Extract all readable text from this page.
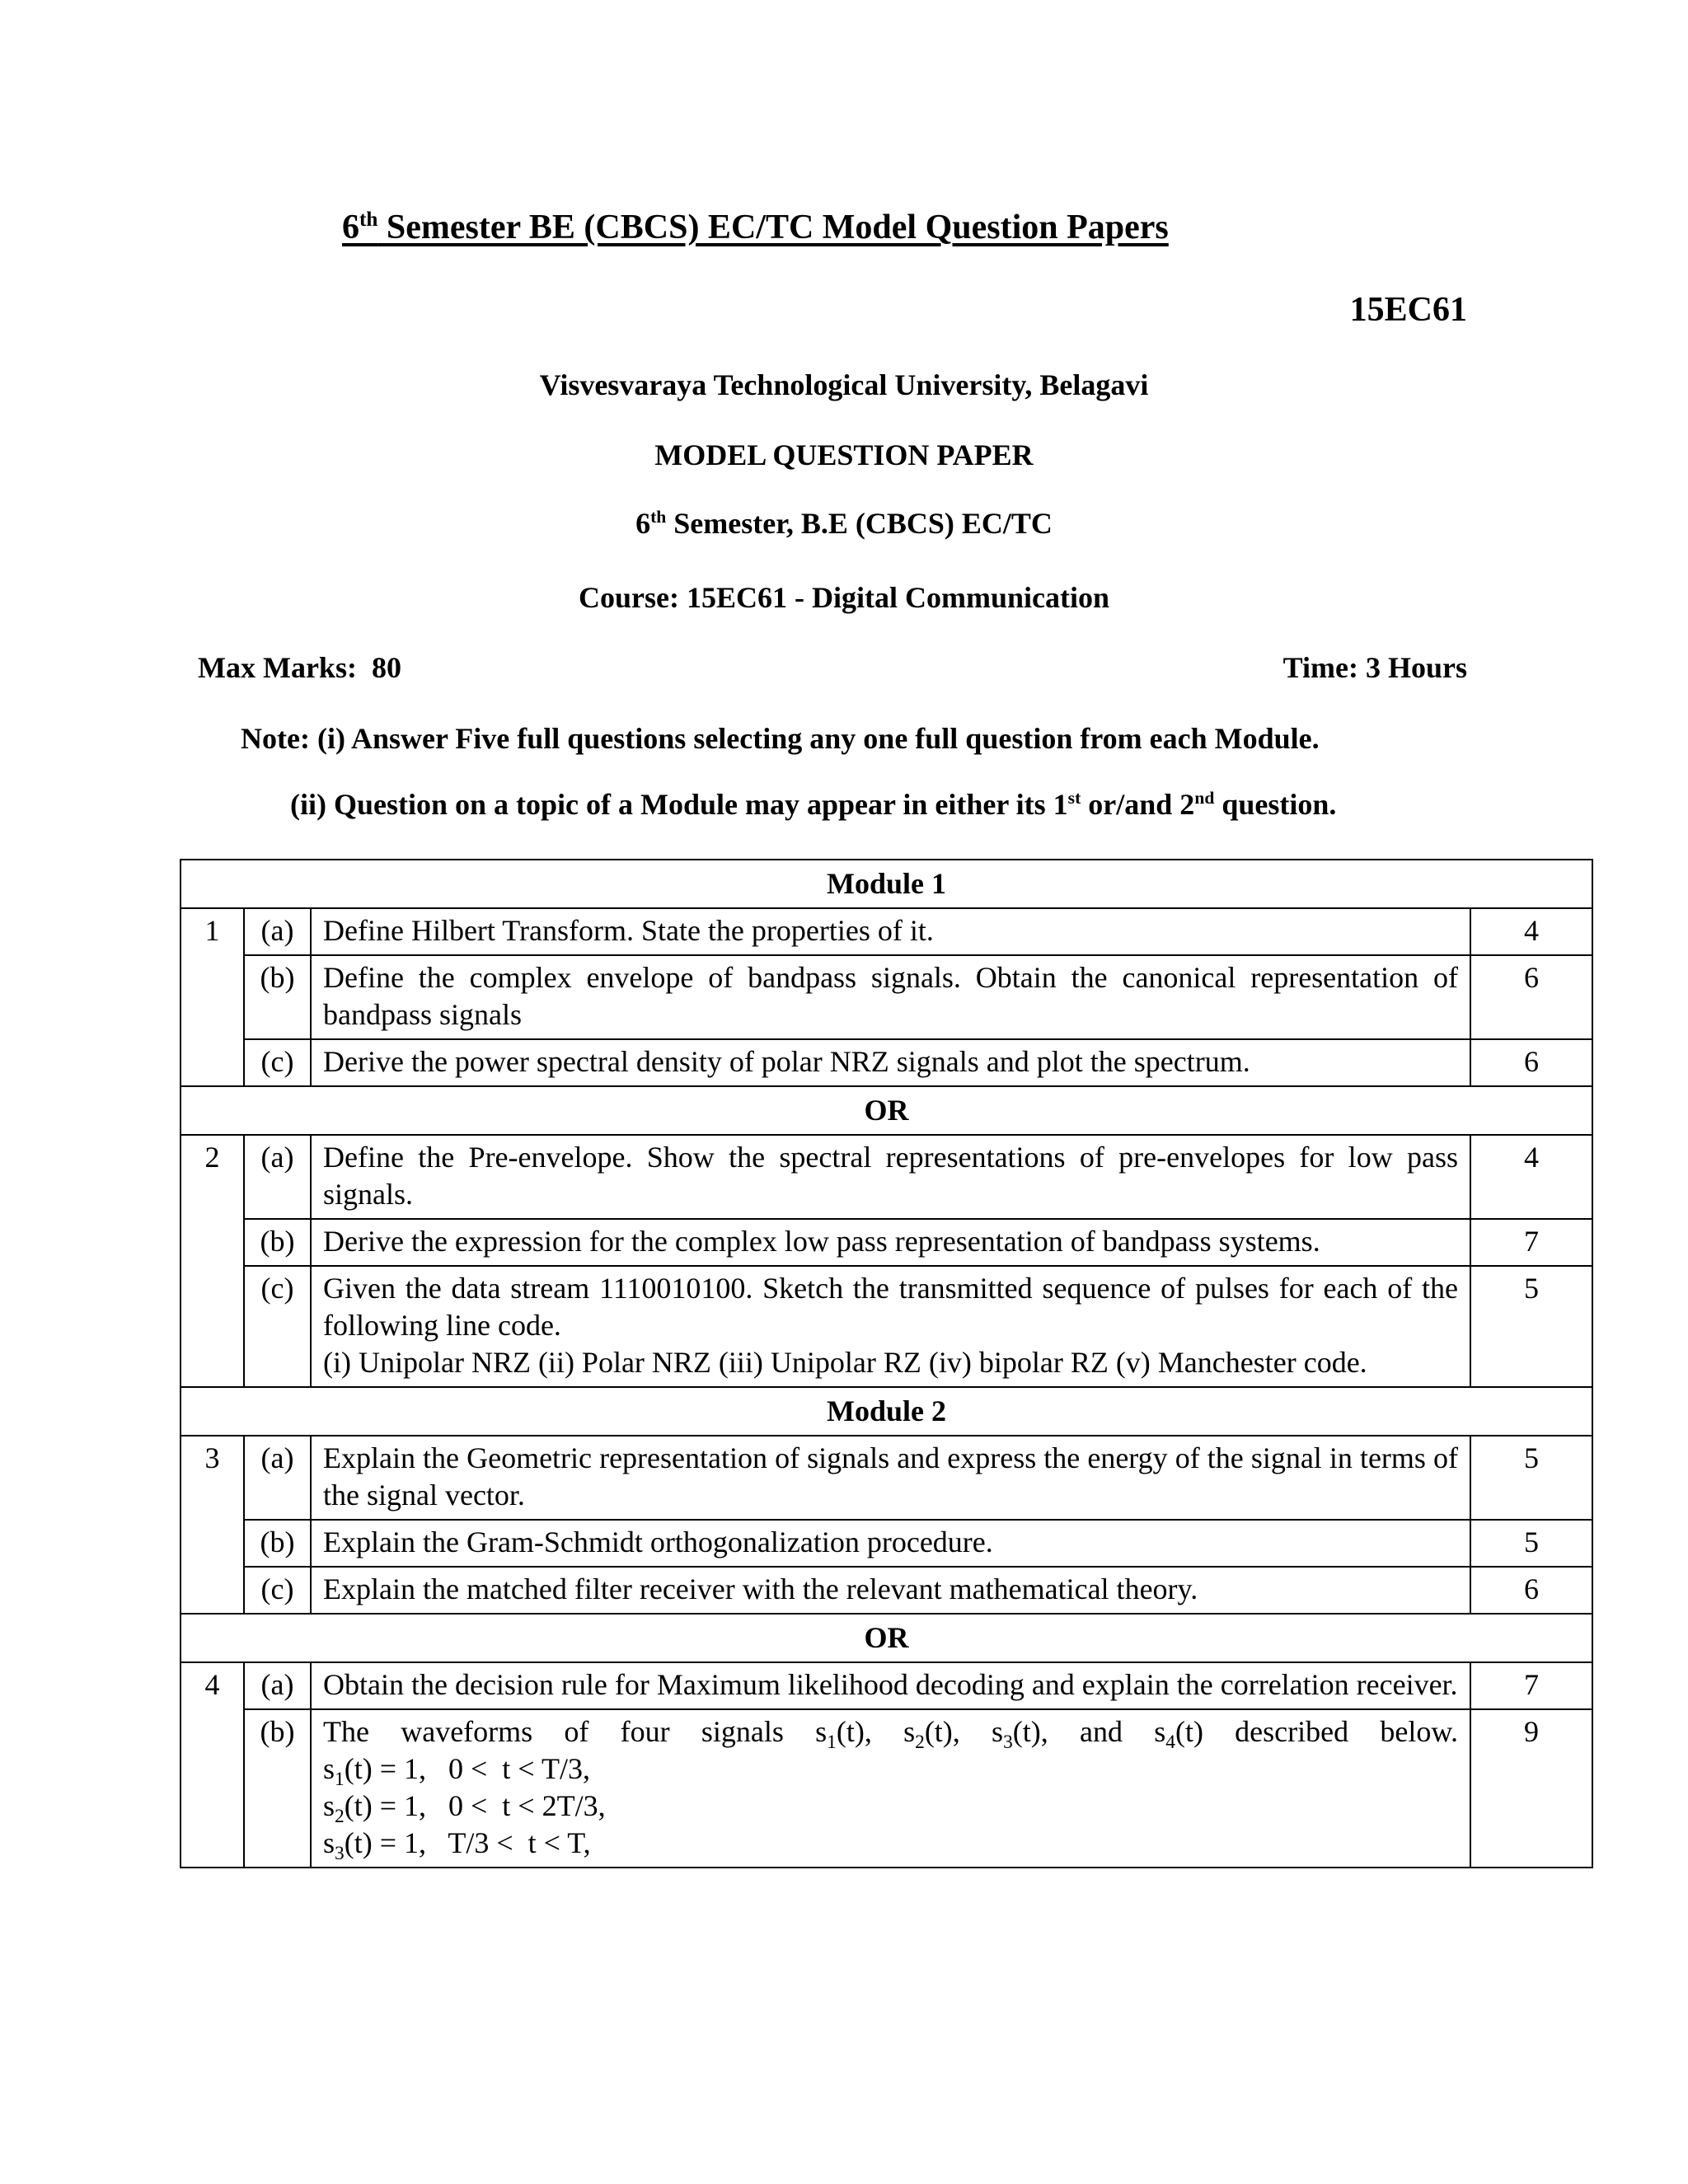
6th Semester BE (CBCS) EC/TC Model Question Papers
15EC61
Visvesvaraya Technological University, Belagavi
MODEL QUESTION PAPER
6th Semester, B.E (CBCS) EC/TC
Course: 15EC61 - Digital Communication
Max Marks:  80	Time: 3 Hours
Note: (i) Answer Five full questions selecting any one full question from each Module.
(ii) Question on a topic of a Module may appear in either its 1st or/and 2nd question.
Module 1			
1	(a)	Define Hilbert Transform. State the properties of it.	4
	(b)	Define the complex envelope of bandpass signals. Obtain the canonical representation of bandpass signals	6
	(c)	Derive the power spectral density of polar NRZ signals and plot the spectrum.	6
OR			
2	(a)	Define the Pre-envelope. Show the spectral representations of pre-envelopes for low pass signals.	4
	(b)	Derive the expression for the complex low pass representation of bandpass systems.	7
	(c)	Given the data stream 1110010100. Sketch the transmitted sequence of pulses for each of the following line code.
(i) Unipolar NRZ (ii) Polar NRZ (iii) Unipolar RZ (iv) bipolar RZ (v) Manchester code.	5
Module 2			
3	(a)	Explain the Geometric representation of signals and express the energy of the signal in terms of the signal vector.	5
	(b)	Explain the Gram-Schmidt orthogonalization procedure.	5
	(c)	Explain the matched filter receiver with the relevant mathematical theory.	6
OR			
4	(a)	Obtain the decision rule for Maximum likelihood decoding and explain the correlation receiver.	7
	(b)	The waveforms of four signals $s_1(t)$, $s_2(t)$, $s_3(t)$, and $s_4(t)$ described below.
$s_1(t) = 1$,   0 <  t < T/3,
$s_2(t) = 1$,   0 <  t < 2T/3,
$s_3(t) = 1$,   T/3 <  t < T,	9
